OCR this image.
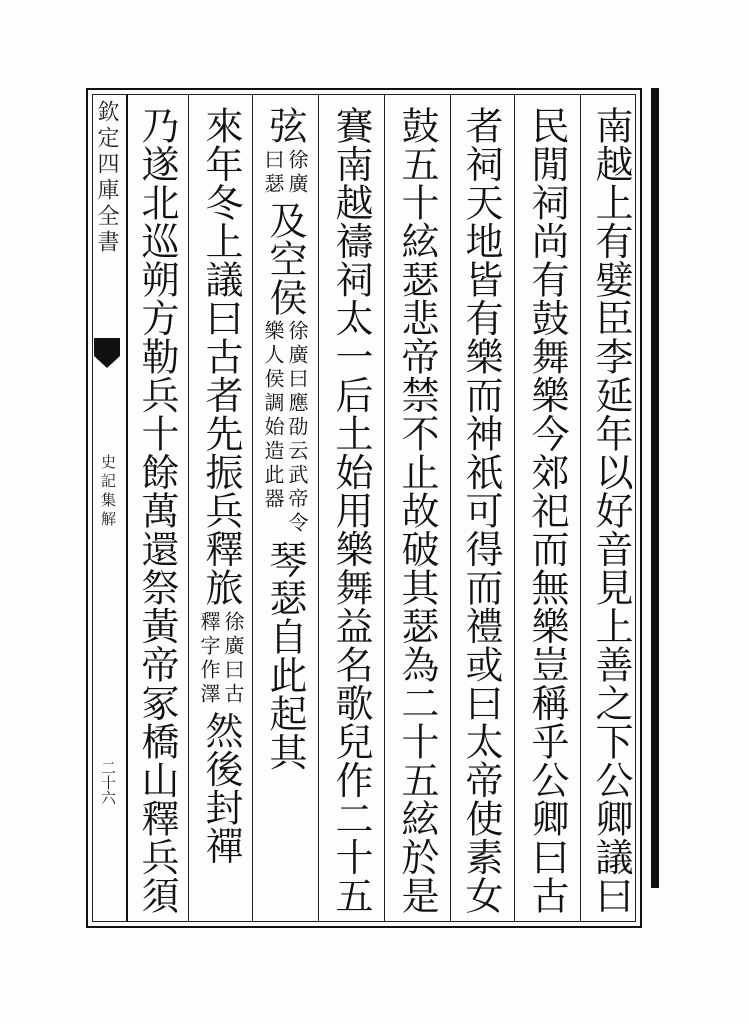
欽定四庫全書
史記集解
二十六	南越上有嬖臣李延年以好音見上善之下公卿議曰
民閒祠尚有鼓舞樂今郊祀而無樂豈稱乎公卿曰古
者祠天地皆有樂而神祇可得而禮或曰太帝使素女
鼓五十絃瑟悲帝禁不止故破其瑟為二十五絃於是
賽南越禱祠太一后土始用樂舞益名歌兒作二十五
弦
徐廣
曰瑟
及空侯
徐廣曰應劭云武帝令
樂人侯調始造此器
琴瑟自此起其
來年冬上議曰古者先振兵釋旅
徐廣曰古
釋字作澤
然後封禪
乃遂北巡朔方勒兵十餘萬還祭黃帝冢橋山釋兵須
